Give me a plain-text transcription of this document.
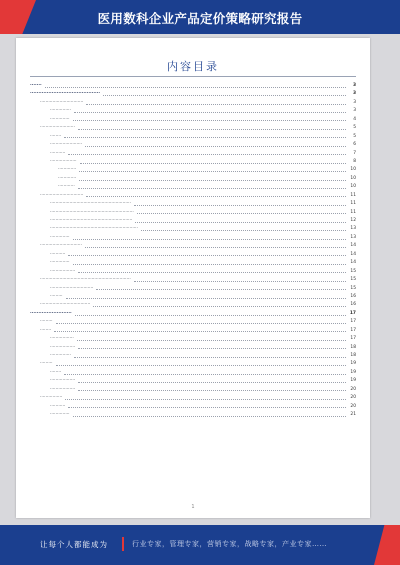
医用数科企业产品定价策略研究报告
内容目录
·······	3
··········································	3
·······························	3
···············	3
··············	4
·························	5
········	5
·······················	6
···········	7
···················	8
·············	10
·············	10
············	10
·······························	11
··························································	11
····························································	11
···························································	12
·······························································	13
··············	13
······························	14
···········	14
··············	14
··················	15
·································································	15
·······························	15
·········	16
····································	16
·························	17
·········	17
········	17
·················	17
··················	18
···············	18
·········	19
········	19
··················	19
··················	20
················	20
···········	20
··············	21
1
让每个人都能成为	行业专家，管理专家，营销专家，战略专家，产业专家……
